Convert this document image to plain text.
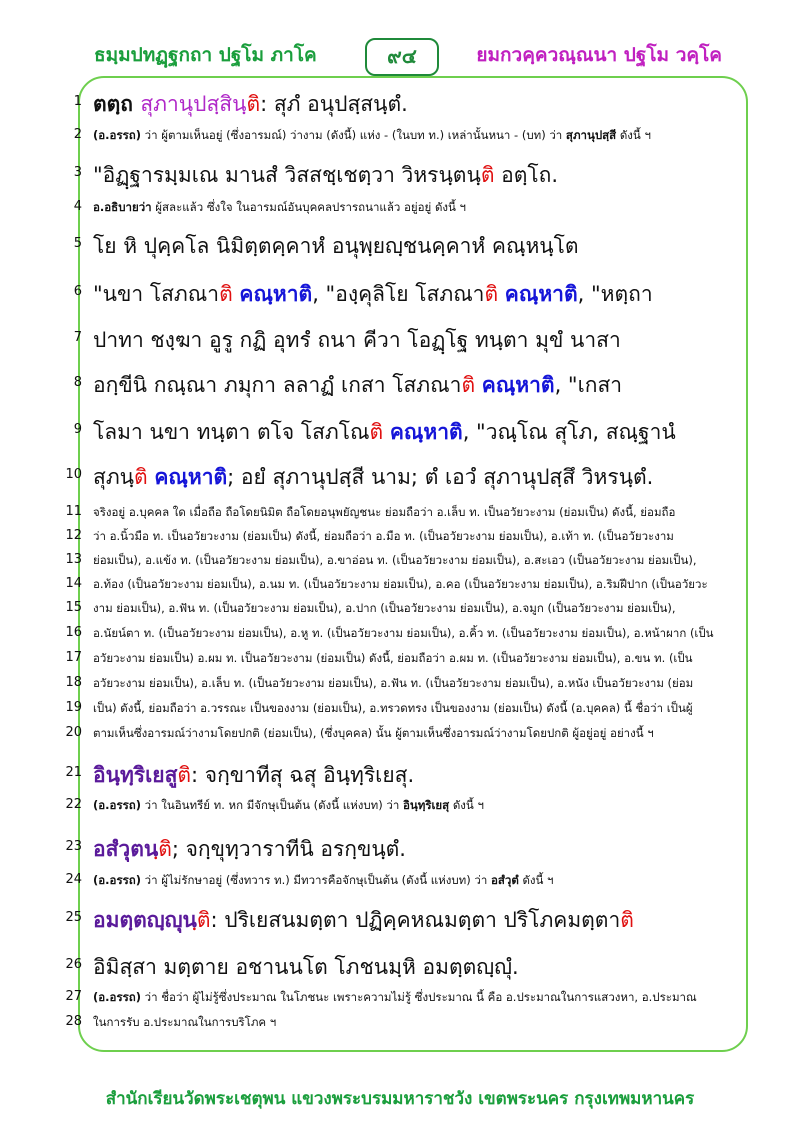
ธมฺมปทฏฺฐกถา ปฐโม ภาโค	๙๔	ยมกวคฺควณฺณนา ปฐโม วคฺโค
1 ตตฺถ สุภานุปสฺสินฺติ: สุภํ อนุปสฺสนฺตํ.
2 (อ.อรรถ) ว่า ผู้ตามเห็นอยู่ (ซึ่งอารมณ์) ว่างาม (ดังนี้) แห่ง - (ในบท ท.) เหล่านั้นหนา - (บท) ว่า สุภานุปสฺสี ดังนี้ ฯ
3 "อิฏฺฐารมฺมเณ มานสํ วิสสชฺเชตฺวา วิหรนฺตนฺติ อตฺโถ.
4 อ.อธิบายว่า ผู้สละแล้ว ซึ่งใจ ในอารมณ์อันบุคคลปรารถนาแล้ว อยู่อยู่ ดังนี้ ฯ
5 โย หิ ปุคฺคโล นิมิตฺตคฺคาหํ อนุพฺยญฺชนคฺคาหํ คณฺหนฺโต
6 "นขา โสภณาติ คณฺหาติ, "องฺคุลิโย โสภณาติ คณฺหาติ, "หตฺถา
7 ปาทา ชงฺฆา อูรู กฏิ อุทรํ ถนา คีวา โอฏฺโฐ ทนฺตา มุขํ นาสา
8 อกฺขีนิ กณฺณา ภมุกา ลลาฏํ เกสา โสภณาติ คณฺหาติ, "เกสา
9 โลมา นขา ทนฺตา ตโจ โสภโณติ คณฺหาติ, "วณฺโณ สุโภ, สณฺฐานํ
10 สุภนฺติ คณฺหาติ; อยํ สุภานุปสฺสี นาม; ตํ เอวํ สุภานุปสฺสึ วิหรนฺตํ.
11 จริงอยู่ อ.บุคคล ใด เมื่อถือ ถือโดยนิมิต ถือโดยอนุพยัญชนะ ย่อมถือว่า อ.เล็บ ท. เป็นอวัยวะงาม (ย่อมเป็น) ดังนี้, ย่อมถือ
12 ว่า อ.นิ้วมือ ท. เป็นอวัยวะงาม (ย่อมเป็น) ดังนี้, ย่อมถือว่า อ.มือ ท. (เป็นอวัยวะงาม ย่อมเป็น), อ.เท้า ท. (เป็นอวัยวะงาม
13 ย่อมเป็น), อ.แข้ง ท. (เป็นอวัยวะงาม ย่อมเป็น), อ.ขาอ่อน ท. (เป็นอวัยวะงาม ย่อมเป็น), อ.สะเอว (เป็นอวัยวะงาม ย่อมเป็น),
14 อ.ท้อง (เป็นอวัยวะงาม ย่อมเป็น), อ.นม ท. (เป็นอวัยวะงาม ย่อมเป็น), อ.คอ (เป็นอวัยวะงาม ย่อมเป็น), อ.ริมฝีปาก (เป็นอวัยวะ
15 งาม ย่อมเป็น), อ.ฟัน ท. (เป็นอวัยวะงาม ย่อมเป็น), อ.ปาก (เป็นอวัยวะงาม ย่อมเป็น), อ.จมูก (เป็นอวัยวะงาม ย่อมเป็น),
16 อ.นัยน์ตา ท. (เป็นอวัยวะงาม ย่อมเป็น), อ.หู ท. (เป็นอวัยวะงาม ย่อมเป็น), อ.คิ้ว ท. (เป็นอวัยวะงาม ย่อมเป็น), อ.หน้าผาก (เป็น
17 อวัยวะงาม ย่อมเป็น) อ.ผม ท. เป็นอวัยวะงาม (ย่อมเป็น) ดังนี้, ย่อมถือว่า อ.ผม ท. (เป็นอวัยวะงาม ย่อมเป็น), อ.ขน ท. (เป็น
18 อวัยวะงาม ย่อมเป็น), อ.เล็บ ท. (เป็นอวัยวะงาม ย่อมเป็น), อ.ฟัน ท. (เป็นอวัยวะงาม ย่อมเป็น), อ.หนัง เป็นอวัยวะงาม (ย่อม
19 เป็น) ดังนี้, ย่อมถือว่า อ.วรรณะ เป็นของงาม (ย่อมเป็น), อ.ทรวดทรง เป็นของงาม (ย่อมเป็น) ดังนี้ (อ.บุคคล) นี้ ชื่อว่า เป็นผู้
20 ตามเห็นซึ่งอารมณ์ว่างามโดยปกติ (ย่อมเป็น), (ซึ่งบุคคล) นั้น ผู้ตามเห็นซึ่งอารมณ์ว่างามโดยปกติ ผู้อยู่อยู่ อย่างนี้ ฯ
21 อินฺทฺริเยสูติ: จกฺขาทีสุ ฉสุ อินฺทฺริเยสุ.
22 (อ.อรรถ) ว่า ในอินทรีย์ ท. หก มีจักษุเป็นต้น (ดังนี้ แห่งบท) ว่า อินฺทฺริเยสุ ดังนี้ ฯ
23 อสํวุตนฺติ; จกฺขุทฺวาราทีนิ อรกฺขนฺตํ.
24 (อ.อรรถ) ว่า ผู้ไม่รักษาอยู่ (ซึ่งทวาร ท.) มีทวารคือจักษุเป็นต้น (ดังนี้ แห่งบท) ว่า อสํวุตํ ดังนี้ ฯ
25 อมตฺตญฺญุนฺติ: ปริเยสนมตฺตา ปฏิคฺคหณมตฺตา ปริโภคมตฺตาติ
26 อิมิสฺสา มตฺตาย อชานนโต โภชนมฺหิ อมตฺตญฺญุํ.
27 (อ.อรรถ) ว่า ชื่อว่า ผู้ไม่รู้ซึ่งประมาณ ในโภชนะ เพราะความไม่รู้ ซึ่งประมาณ นี้ คือ อ.ประมาณในการแสวงหา, อ.ประมาณ
28 ในการรับ อ.ประมาณในการบริโภค ฯ
สำนักเรียนวัดพระเชตุพน แขวงพระบรมมหาราชวัง เขตพระนคร กรุงเทพมหานคร
